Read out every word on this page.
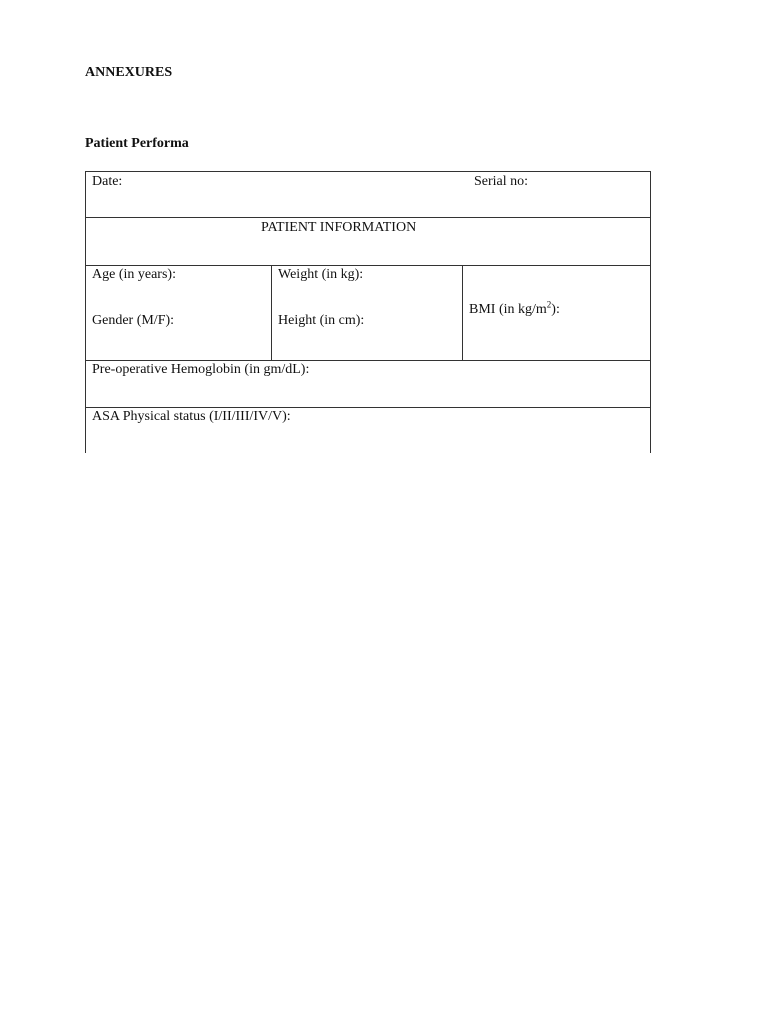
ANNEXURES
Patient Performa
Date:	Serial no:
PATIENT INFORMATION
Age (in years):
Gender (M/F):
Weight (in kg):
Height (in cm):
BMI (in $kg/m^2$):
Pre-operative Hemoglobin (in gm/dL):
ASA Physical status (I/II/III/IV/V):
